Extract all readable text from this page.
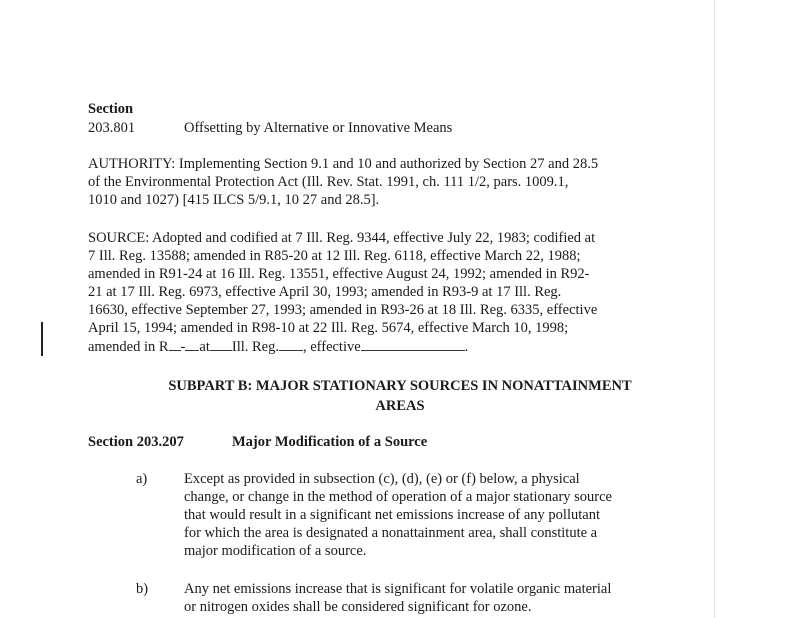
Section
203.801	Offsetting by Alternative or Innovative Means
AUTHORITY: Implementing Section 9.1 and 10 and authorized by Section 27 and 28.5
of the Environmental Protection Act (Ill. Rev. Stat. 1991, ch. 111 1/2, pars. 1009.1,
1010 and 1027) [415 ILCS 5/9.1, 10 27 and 28.5].
SOURCE: Adopted and codified at 7 Ill. Reg. 9344, effective July 22, 1983; codified at
7 Ill. Reg. 13588; amended in R85-20 at 12 Ill. Reg. 6118, effective March 22, 1988;
amended in R91-24 at 16 Ill. Reg. 13551, effective August 24, 1992; amended in R92-
21 at 17 Ill. Reg. 6973, effective April 30, 1993; amended in R93-9 at 17 Ill. Reg.
16630, effective September 27, 1993; amended in R93-26 at 18 Ill. Reg. 6335, effective
April 15, 1994; amended in R98-10 at 22 Ill. Reg. 5674, effective March 10, 1998;
amended in R - at Ill. Reg. , effective	.
SUBPART B: MAJOR STATIONARY SOURCES IN NONATTAINMENT
AREAS
Section 203.207	Major Modification of a Source
a)	Except as provided in subsection (c), (d), (e) or (f) below, a physical
change, or change in the method of operation of a major stationary source
that would result in a significant net emissions increase of any pollutant
for which the area is designated a nonattainment area, shall constitute a
major modification of a source.
b) Any net emissions increase that is significant for volatile organic material
or nitrogen oxides shall be considered significant for ozone.
